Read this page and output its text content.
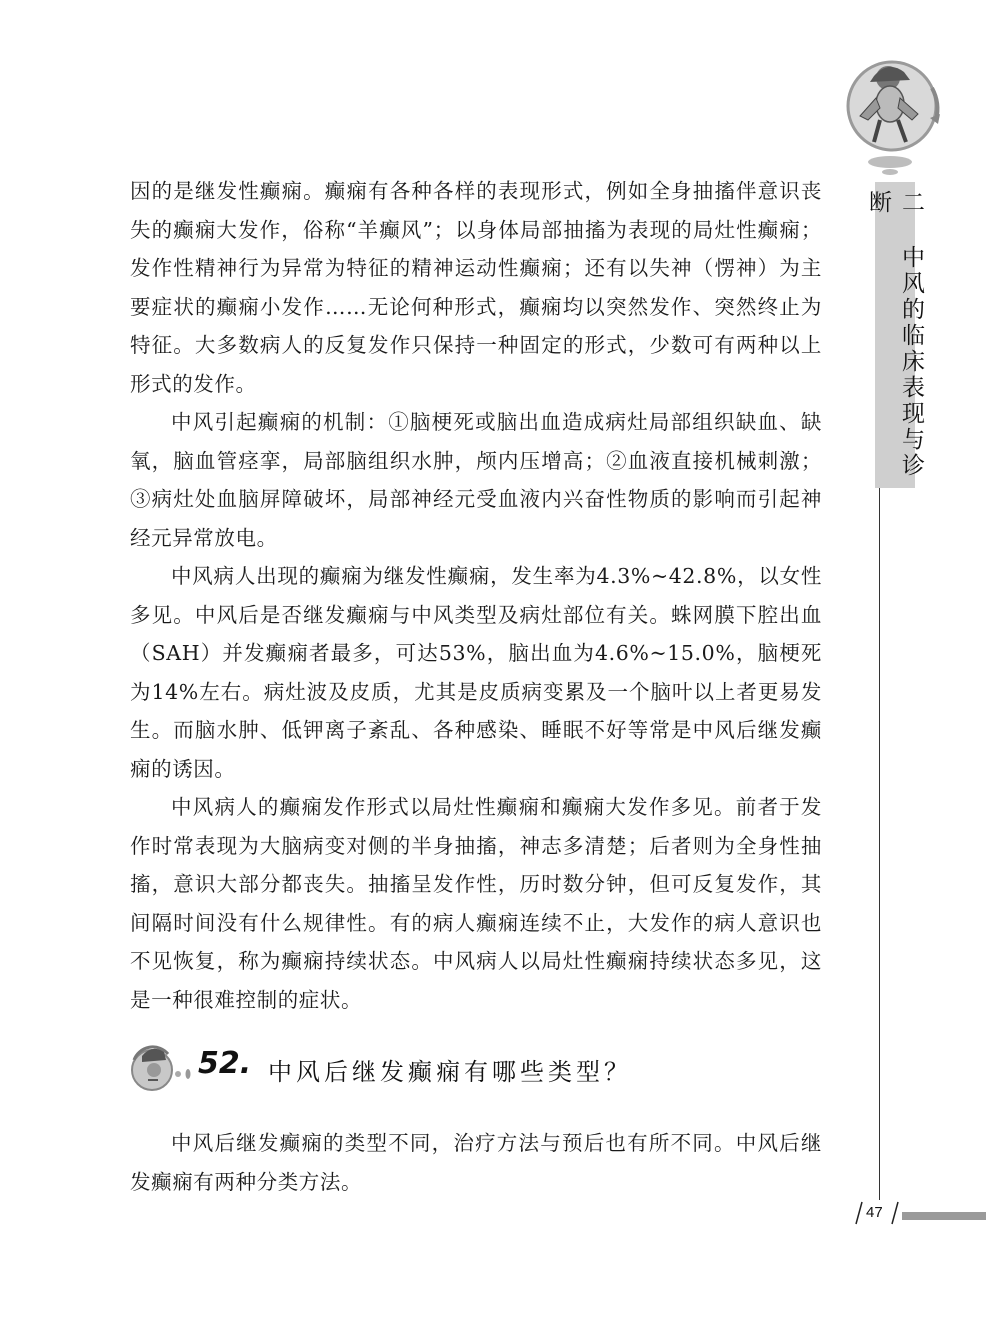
二 中风的临床表现与诊断

因的是继发性癫痫。癫痫有各种各样的表现形式，例如全身抽搐伴意识丧失的癫痫大发作，俗称“羊癫风”；以身体局部抽搐为表现的局灶性癫痫；发作性精神行为异常为特征的精神运动性癫痫；还有以失神（愣神）为主要症状的癫痫小发作……无论何种形式，癫痫均以突然发作、突然终止为特征。大多数病人的反复发作只保持一种固定的形式，少数可有两种以上形式的发作。

中风引起癫痫的机制：①脑梗死或脑出血造成病灶局部组织缺血、缺氧，脑血管痉挛，局部脑组织水肿，颅内压增高；②血液直接机械刺激；③病灶处血脑屏障破坏，局部神经元受血液内兴奋性物质的影响而引起神经元异常放电。

中风病人出现的癫痫为继发性癫痫，发生率为4.3%~42.8%，以女性多见。中风后是否继发癫痫与中风类型及病灶部位有关。蛛网膜下腔出血（SAH）并发癫痫者最多，可达53%，脑出血为4.6%~15.0%，脑梗死为14%左右。病灶波及皮质，尤其是皮质病变累及一个脑叶以上者更易发生。而脑水肿、低钾离子紊乱、各种感染、睡眠不好等常是中风后继发癫痫的诱因。

中风病人的癫痫发作形式以局灶性癫痫和癫痫大发作多见。前者于发作时常表现为大脑病变对侧的半身抽搐，神志多清楚；后者则为全身性抽搐，意识大部分都丧失。抽搐呈发作性，历时数分钟，但可反复发作，其间隔时间没有什么规律性。有的病人癫痫连续不止，大发作的病人意识也不见恢复，称为癫痫持续状态。中风病人以局灶性癫痫持续状态多见，这是一种很难控制的症状。

52. 中风后继发癫痫有哪些类型？

中风后继发癫痫的类型不同，治疗方法与预后也有所不同。中风后继发癫痫有两种分类方法。

47
